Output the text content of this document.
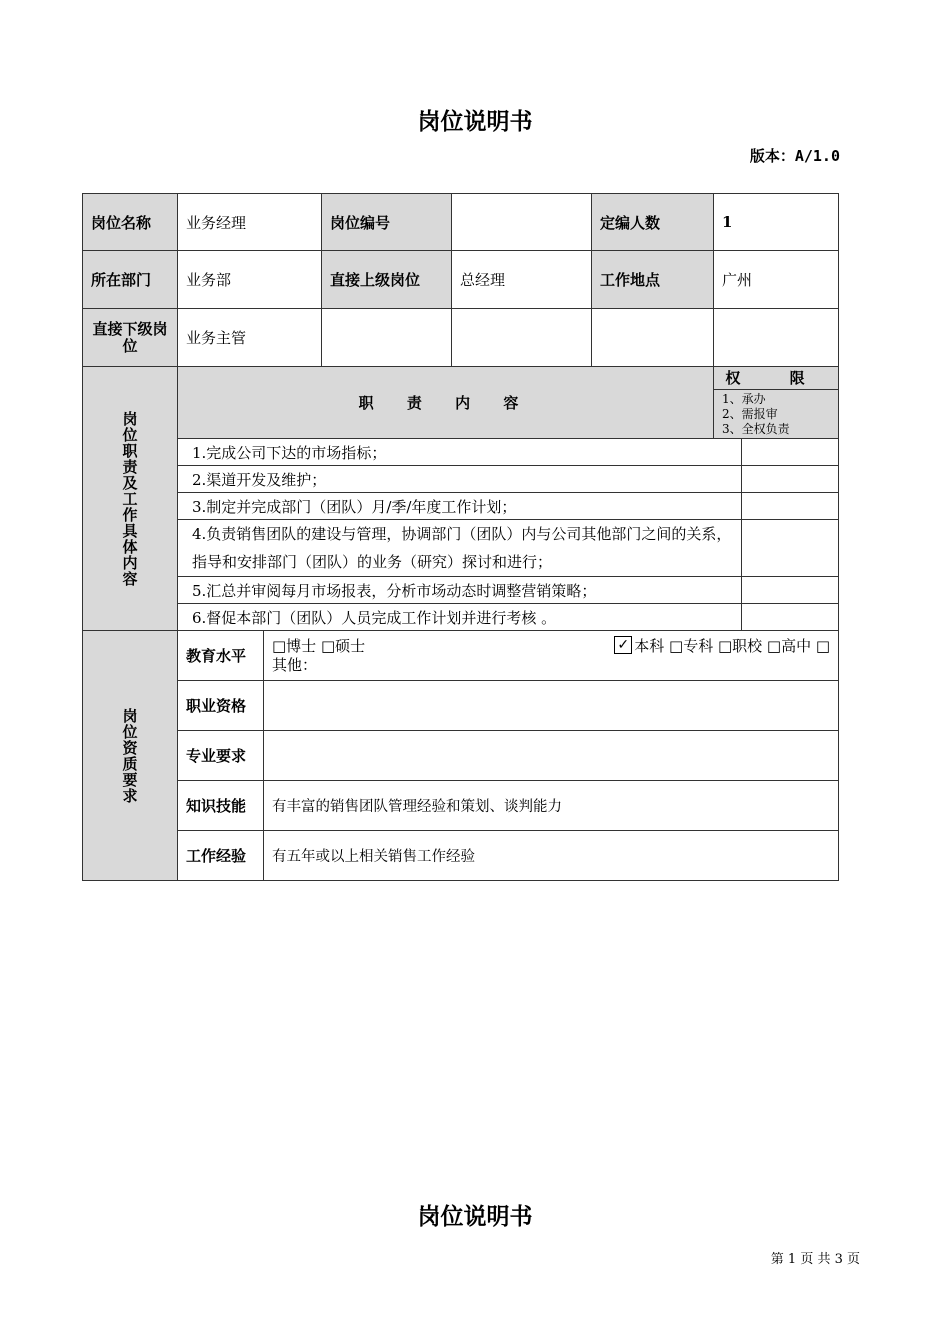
岗位说明书
版本：A/1.0
岗位名称	业务经理		岗位编号		定编人数	1	
所在部门	业务部		直接上级岗位	总经理	工作地点	广州	
直接下级岗位	业务主管						

岗位职责及工作具体内容	职 责 内 容					权 限
1、承办
2、需报审
3、全权负责	

	1.完成公司下达的市场指标；						
	2.渠道开发及维护；						
	3.制定并完成部门（团队）月/季/年度工作计划；						
	4.负责销售团队的建设与管理，协调部门（团队）内与公司其他部门之间的关系，指导和安排部门（团队）的业务（研究）探讨和进行；						
	5.汇总并审阅每月市场报表，分析市场动态时调整营销策略；						
	6.督促本部门（团队）人员完成工作计划并进行考核 。						

岗位资质要求	教育水平	□博士 □硕士 ✓ 本科 □专科 □职校 □高中 □
其他：					

	职业资格						
	专业要求						
	知识技能	有丰富的销售团队管理经验和策划、谈判能力					
	工作经验	有五年或以上相关销售工作经验					
岗位说明书
第 1 页 共 3 页
